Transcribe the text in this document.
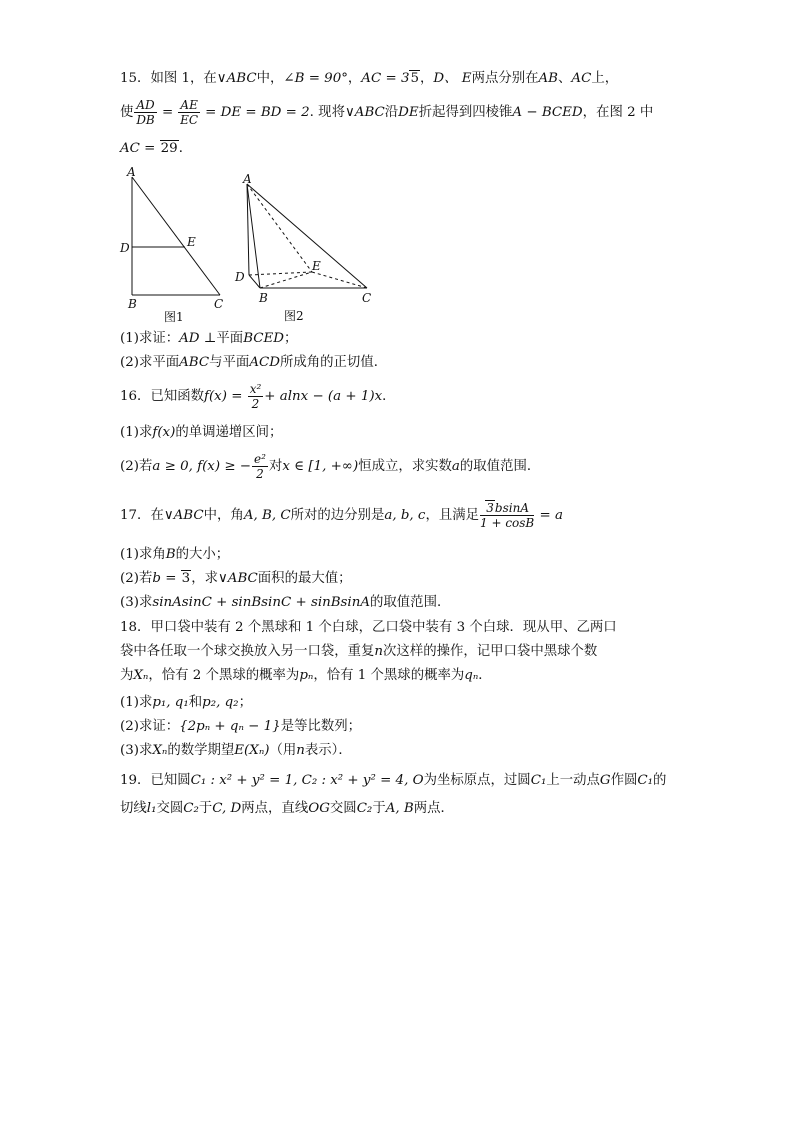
15．如图 1，在∨ABC中，∠B = 90°，AC = 35，D、 E两点分别在AB、AC上，
使 $\frac{AD}{DB} = \frac{AE}{EC}$ = DE = BD = 2. 现将∨ABC沿DE折起得到四棱锥A − BCED，在图 2 中
AC = 29．
A
D	E
B	C
图1
A
D
E
B	C
图2
(1)求证：AD ⊥平面BCED；
(2)求平面ABC与平面ACD所成角的正切值．
16．已知函数$f(x) = \frac{\text{x²}}{2} + alnx - (a + 1)x$．
(1)求f(x)的单调递增区间；
(2)若a ≥ 0, f(x) ≥ − $\frac{\text{e²}}{2}$ 对x ∈ [1, +∞)恒成立，求实数a的取值范围．
17．在∨ABC中，角A, B, C所对的边分别是a, b, c，且满足 $\frac{3bsinA}{1 + \cos B} = a$
(1)求角B的大小；
(2)若b = 3，求∨ABC面积的最大值；
(3)求sinAsinC + sinBsinC + sinBsinA的取值范围．
18．甲口袋中装有 2 个黑球和 1 个白球，乙口袋中装有 3 个白球．现从甲、乙两口
袋中各任取一个球交换放入另一口袋，重复n次这样的操作，记甲口袋中黑球个数
为Xₙ，恰有 2 个黑球的概率为pₙ，恰有 1 个黑球的概率为qₙ．
(1)求p₁, q₁和p₂, q₂；
(2)求证：{2pₙ + qₙ − 1}是等比数列；
(3)求Xₙ的数学期望E(Xₙ)（用n表示）．
19．已知圆C₁ : x² + y² = 1, C₂ : x² + y² = 4, O为坐标原点，过圆C₁上一动点G作圆C₁的
切线l₁交圆C₂于C, D两点，直线OG交圆C₂于A, B两点．
